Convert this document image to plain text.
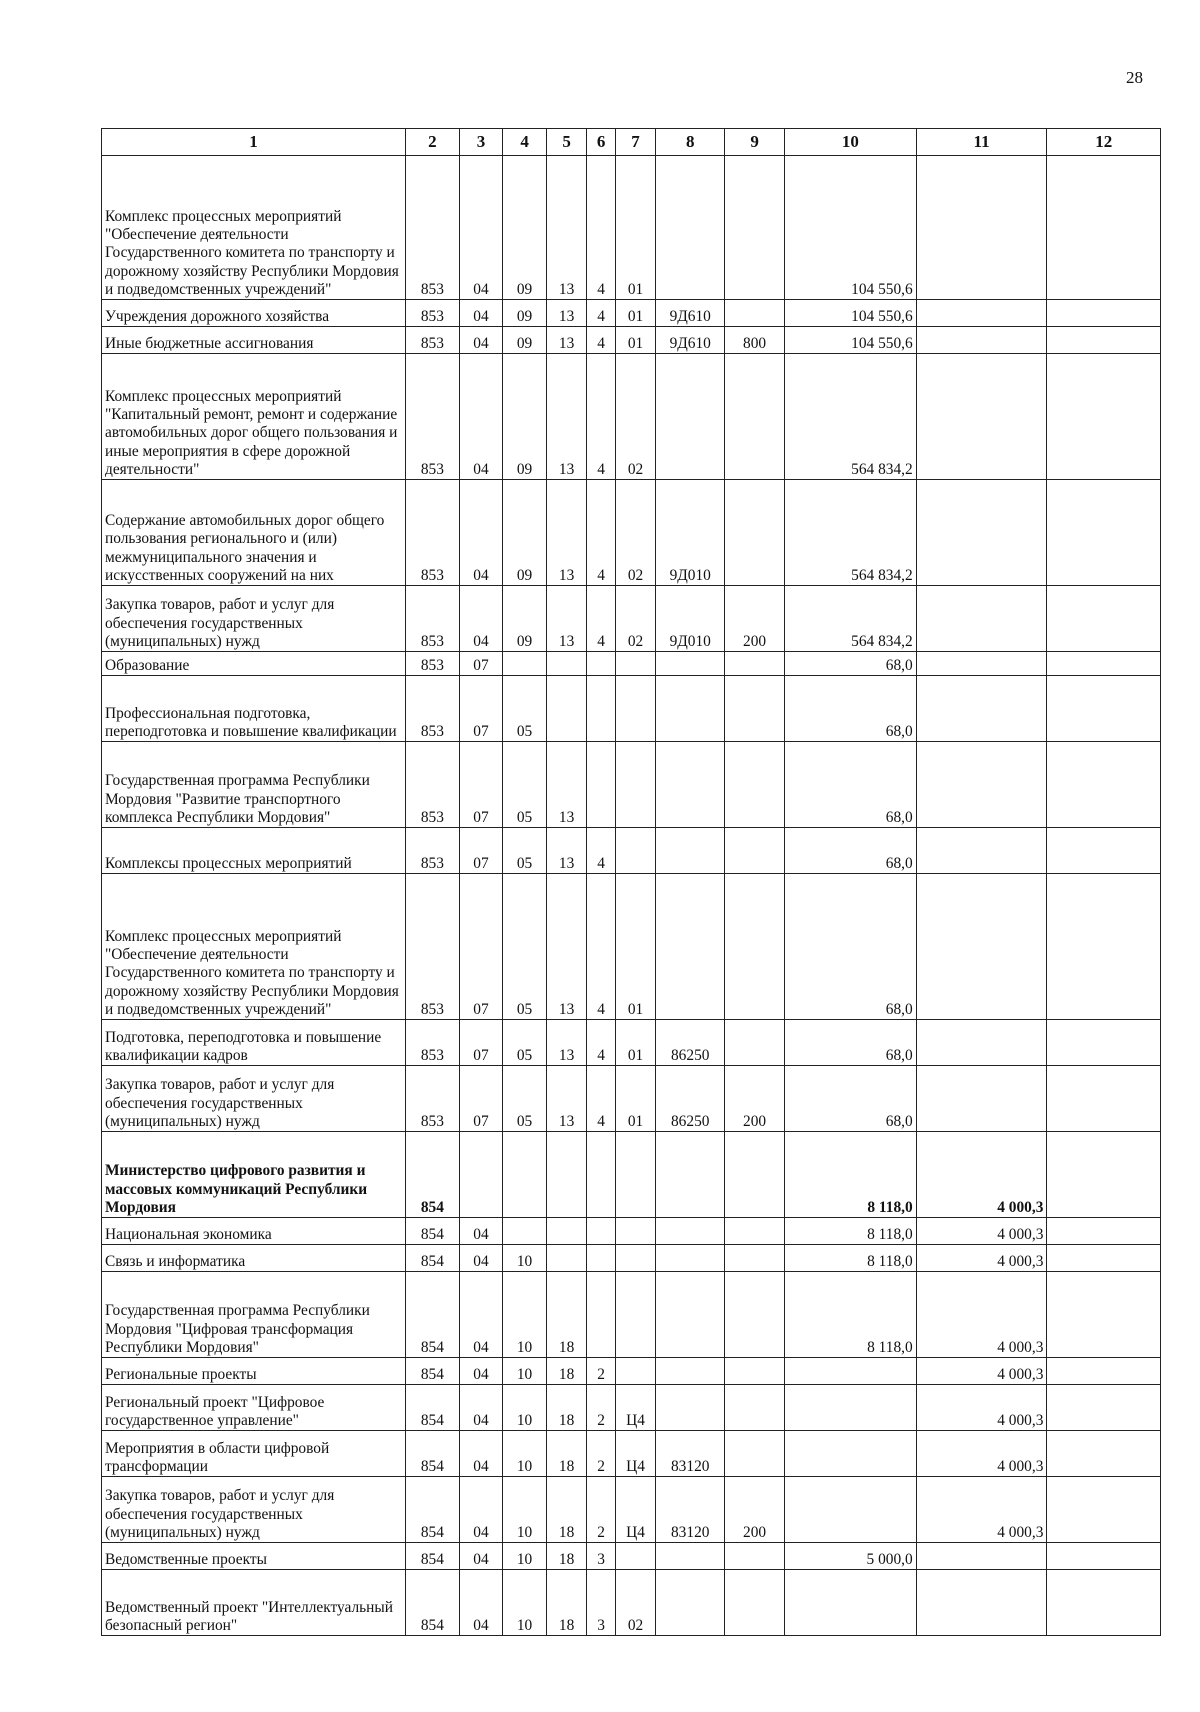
28
1	2	3	4	5	6	7	8	9	10	11	12
Комплекс процессных мероприятий "Обеспечение деятельности Государственного комитета по транспорту и дорожному хозяйству Республики Мордовия и подведомственных учреждений"	853	04	09	13	4	01			104 550,6		
Учреждения дорожного хозяйства	853	04	09	13	4	01	9Д610		104 550,6		
Иные бюджетные ассигнования	853	04	09	13	4	01	9Д610	800	104 550,6		
Комплекс процессных мероприятий "Капитальный ремонт, ремонт и содержание автомобильных дорог общего пользования и иные мероприятия в сфере дорожной деятельности"	853	04	09	13	4	02			564 834,2		
Содержание автомобильных дорог общего пользования регионального и (или) межмуниципального значения и искусственных сооружений на них	853	04	09	13	4	02	9Д010		564 834,2		
Закупка товаров, работ и услуг для обеспечения государственных (муниципальных) нужд	853	04	09	13	4	02	9Д010	200	564 834,2		
Образование	853	07							68,0		
Профессиональная подготовка, переподготовка и повышение квалификации	853	07	05						68,0		
Государственная программа Республики Мордовия "Развитие транспортного комплекса Республики Мордовия"	853	07	05	13					68,0		
Комплексы процессных мероприятий	853	07	05	13	4				68,0		
Комплекс процессных мероприятий "Обеспечение деятельности Государственного комитета по транспорту и дорожному хозяйству Республики Мордовия и подведомственных учреждений"	853	07	05	13	4	01			68,0		
Подготовка, переподготовка и повышение квалификации кадров	853	07	05	13	4	01	86250		68,0		
Закупка товаров, работ и услуг для обеспечения государственных (муниципальных) нужд	853	07	05	13	4	01	86250	200	68,0		
Министерство цифрового развития и массовых коммуникаций Республики Мордовия	854								8 118,0	4 000,3	
Национальная экономика	854	04							8 118,0	4 000,3	
Связь и информатика	854	04	10						8 118,0	4 000,3	
Государственная программа Республики Мордовия "Цифровая трансформация Республики Мордовия"	854	04	10	18					8 118,0	4 000,3	
Региональные проекты	854	04	10	18	2					4 000,3	
Региональный проект "Цифровое государственное управление"	854	04	10	18	2	Ц4				4 000,3	
Мероприятия в области цифровой трансформации	854	04	10	18	2	Ц4	83120			4 000,3	
Закупка товаров, работ и услуг для обеспечения государственных (муниципальных) нужд	854	04	10	18	2	Ц4	83120	200		4 000,3	
Ведомственные проекты	854	04	10	18	3				5 000,0		
Ведомственный проект "Интеллектуальный безопасный регион"	854	04	10	18	3	02					
